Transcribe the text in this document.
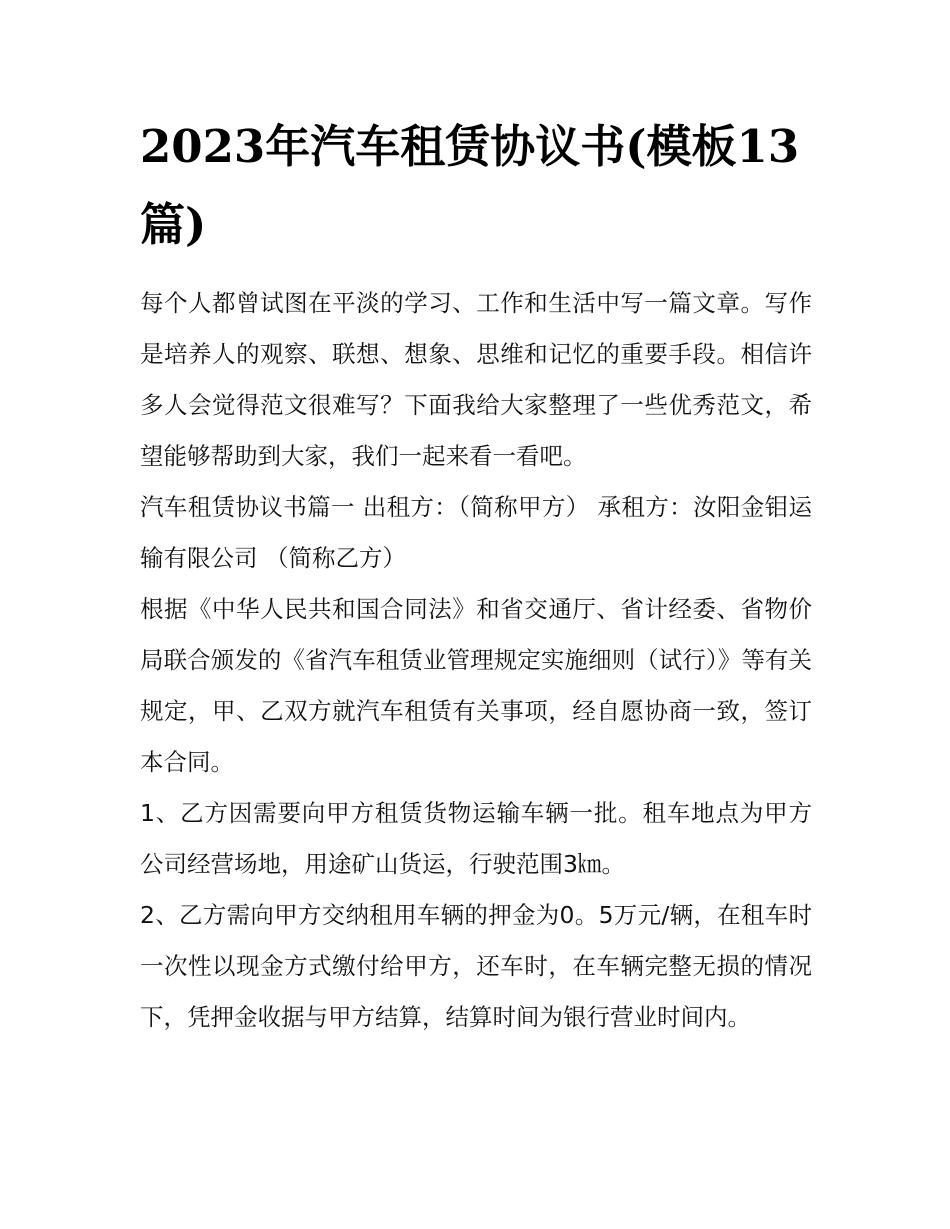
2023年汽车租赁协议书(模板13篇)

每个人都曾试图在平淡的学习、工作和生活中写一篇文章。写作是培养人的观察、联想、想象、思维和记忆的重要手段。相信许多人会觉得范文很难写？下面我给大家整理了一些优秀范文，希望能够帮助到大家，我们一起来看一看吧。

汽车租赁协议书篇一 出租方：（简称甲方） 承租方：汝阳金钼运输有限公司 （简称乙方）

根据《中华人民共和国合同法》和省交通厅、省计经委、省物价局联合颁发的《省汽车租赁业管理规定实施细则（试行）》等有关规定，甲、乙双方就汽车租赁有关事项，经自愿协商一致，签订本合同。

1、乙方因需要向甲方租赁货物运输车辆一批。租车地点为甲方公司经营场地，用途矿山货运，行驶范围3㎞。

2、乙方需向甲方交纳租用车辆的押金为0。5万元/辆，在租车时一次性以现金方式缴付给甲方，还车时，在车辆完整无损的情况下，凭押金收据与甲方结算，结算时间为银行营业时间内。
